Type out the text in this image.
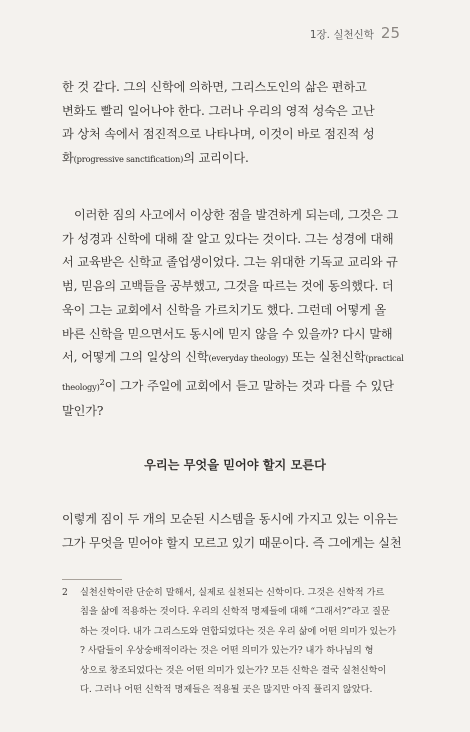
1장. 실천신학 25
한 것 같다. 그의 신학에 의하면, 그리스도인의 삶은 편하고
변화도 빨리 일어나야 한다. 그러나 우리의 영적 성숙은 고난
과 상처 속에서 점진적으로 나타나며, 이것이 바로 점진적 성
화(progressive sanctification)의 교리이다.
이러한 짐의 사고에서 이상한 점을 발견하게 되는데, 그것은 그
가 성경과 신학에 대해 잘 알고 있다는 것이다. 그는 성경에 대해
서 교육받은 신학교 졸업생이었다. 그는 위대한 기독교 교리와 규
범, 믿음의 고백들을 공부했고, 그것을 따르는 것에 동의했다. 더
욱이 그는 교회에서 신학을 가르치기도 했다. 그런데 어떻게 올
바른 신학을 믿으면서도 동시에 믿지 않을 수 있을까? 다시 말해
서, 어떻게 그의 일상의 신학(everyday theology) 또는 실천신학(practical
theology)$^2$이 그가 주일에 교회에서 듣고 말하는 것과 다를 수 있단
말인가?
우리는 무엇을 믿어야 할지 모른다
이렇게 짐이 두 개의 모순된 시스템을 동시에 가지고 있는 이유는
그가 무엇을 믿어야 할지 모르고 있기 때문이다. 즉 그에게는 실천
2 실천신학이란 단순히 말해서, 실제로 실천되는 신학이다. 그것은 신학적 가르
침을 삶에 적용하는 것이다. 우리의 신학적 명제들에 대해 “그래서?”라고 질문
하는 것이다. 내가 그리스도와 연합되었다는 것은 우리 삶에 어떤 의미가 있는가
? 사람들이 우상숭배적이라는 것은 어떤 의미가 있는가? 내가 하나님의 형
상으로 창조되었다는 것은 어떤 의미가 있는가? 모든 신학은 결국 실천신학이
다. 그러나 어떤 신학적 명제들은 적용될 곳은 많지만 아직 풀리지 않았다.
